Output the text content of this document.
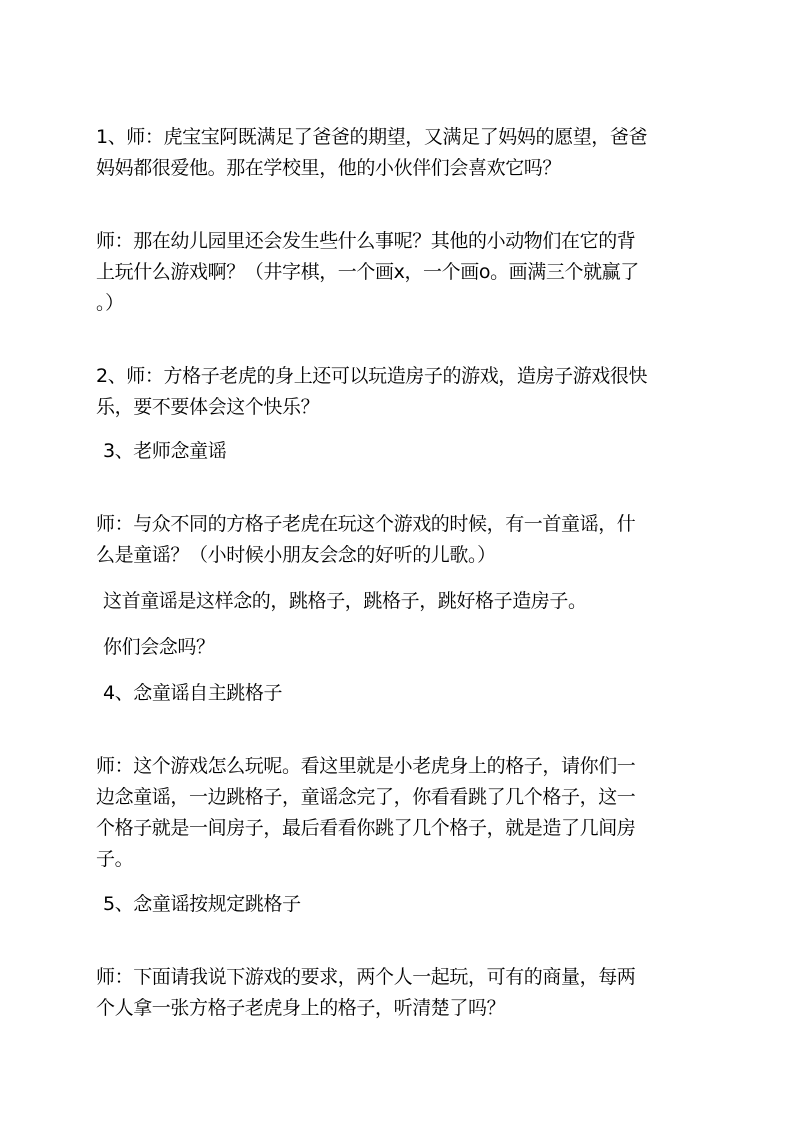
1、师：虎宝宝阿既满足了爸爸的期望，又满足了妈妈的愿望，爸爸
妈妈都很爱他。那在学校里，他的小伙伴们会喜欢它吗？

师：那在幼儿园里还会发生些什么事呢？其他的小动物们在它的背
上玩什么游戏啊？（井字棋，一个画x，一个画o。画满三个就赢了
。）

2、师：方格子老虎的身上还可以玩造房子的游戏，造房子游戏很快
乐，要不要体会这个快乐？

3、老师念童谣

师：与众不同的方格子老虎在玩这个游戏的时候，有一首童谣，什
么是童谣？（小时候小朋友会念的好听的儿歌。）

这首童谣是这样念的，跳格子，跳格子，跳好格子造房子。

你们会念吗？

4、念童谣自主跳格子

师：这个游戏怎么玩呢。看这里就是小老虎身上的格子，请你们一
边念童谣，一边跳格子，童谣念完了，你看看跳了几个格子，这一
个格子就是一间房子，最后看看你跳了几个格子，就是造了几间房
子。

5、念童谣按规定跳格子

师：下面请我说下游戏的要求，两个人一起玩，可有的商量，每两
个人拿一张方格子老虎身上的格子，听清楚了吗？
